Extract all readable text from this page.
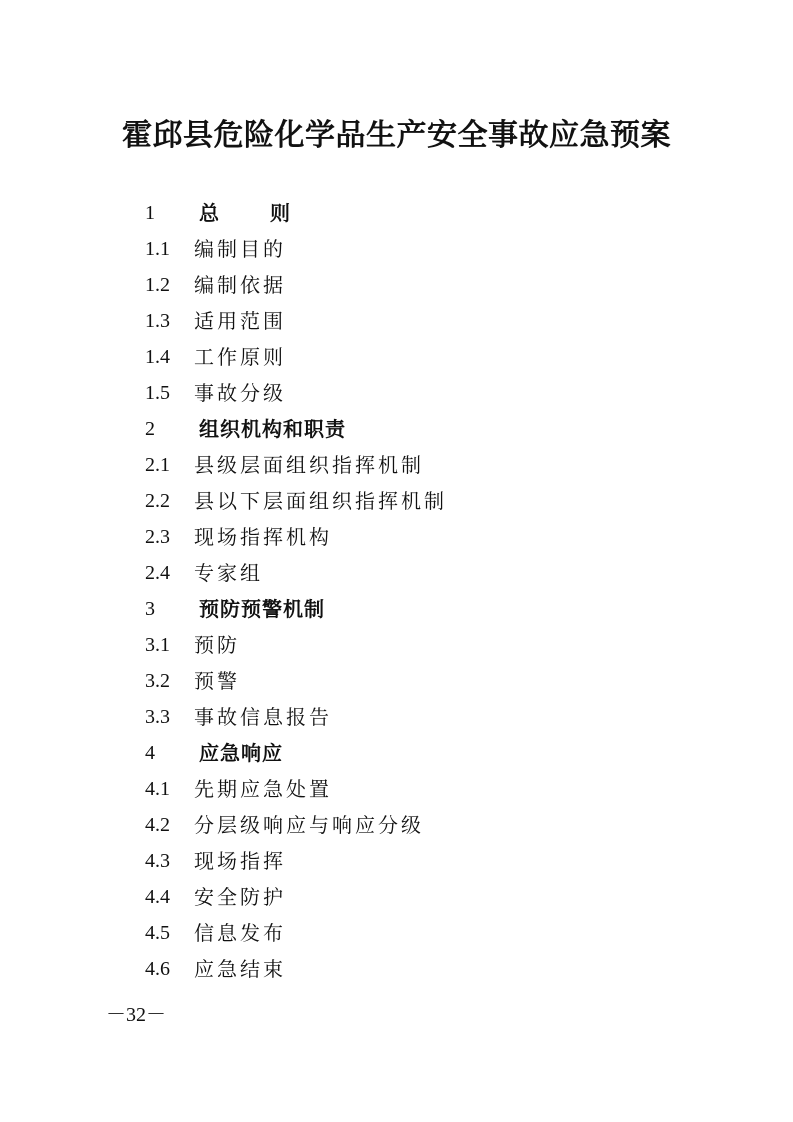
霍邱县危险化学品生产安全事故应急预案
1 总 则
1.1 编制目的
1.2 编制依据
1.3 适用范围
1.4 工作原则
1.5 事故分级
2 组织机构和职责
2.1 县级层面组织指挥机制
2.2 县以下层面组织指挥机制
2.3 现场指挥机构
2.4 专家组
3 预防预警机制
3.1 预防
3.2 预警
3.3 事故信息报告
4 应急响应
4.1 先期应急处置
4.2 分层级响应与响应分级
4.3 现场指挥
4.4 安全防护
4.5 信息发布
4.6 应急结束
－32－
